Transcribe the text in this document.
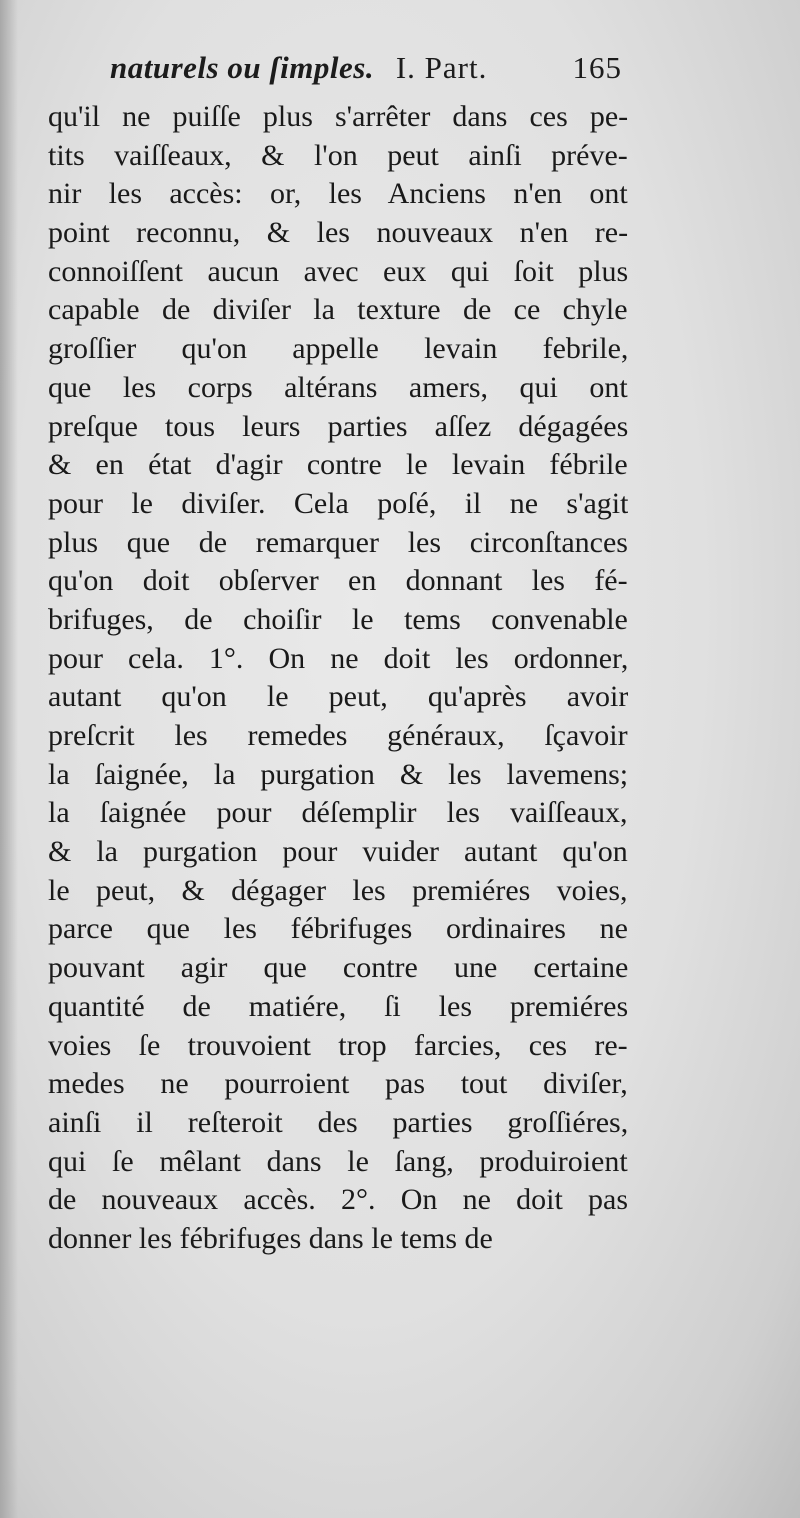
naturels ou ſimples. I. Part.	165
qu'il ne puiſſe plus s'arrêter dans ces pe-
tits vaiſſeaux, & l'on peut ainſi préve-
nir les accès: or, les Anciens n'en ont
point reconnu, & les nouveaux n'en re-
connoiſſent aucun avec eux qui ſoit plus
capable de diviſer la texture de ce chyle
groſſier qu'on appelle levain febrile,
que les corps altérans amers, qui ont
preſque tous leurs parties aſſez dégagées
& en état d'agir contre le levain fébrile
pour le diviſer. Cela poſé, il ne s'agit
plus que de remarquer les circonſtances
qu'on doit obſerver en donnant les fé-
brifuges, de choiſir le tems convenable
pour cela. 1°. On ne doit les ordonner,
autant qu'on le peut, qu'après avoir
preſcrit les remedes généraux, ſçavoir
la ſaignée, la purgation & les lavemens;
la ſaignée pour déſemplir les vaiſſeaux,
& la purgation pour vuider autant qu'on
le peut, & dégager les premiéres voies,
parce que les fébrifuges ordinaires ne
pouvant agir que contre une certaine
quantité de matiére, ſi les premiéres
voies ſe trouvoient trop farcies, ces re-
medes ne pourroient pas tout diviſer,
ainſi il reſteroit des parties groſſiéres,
qui ſe mêlant dans le ſang, produiroient
de nouveaux accès. 2°. On ne doit pas
donner les fébrifuges dans le tems de
